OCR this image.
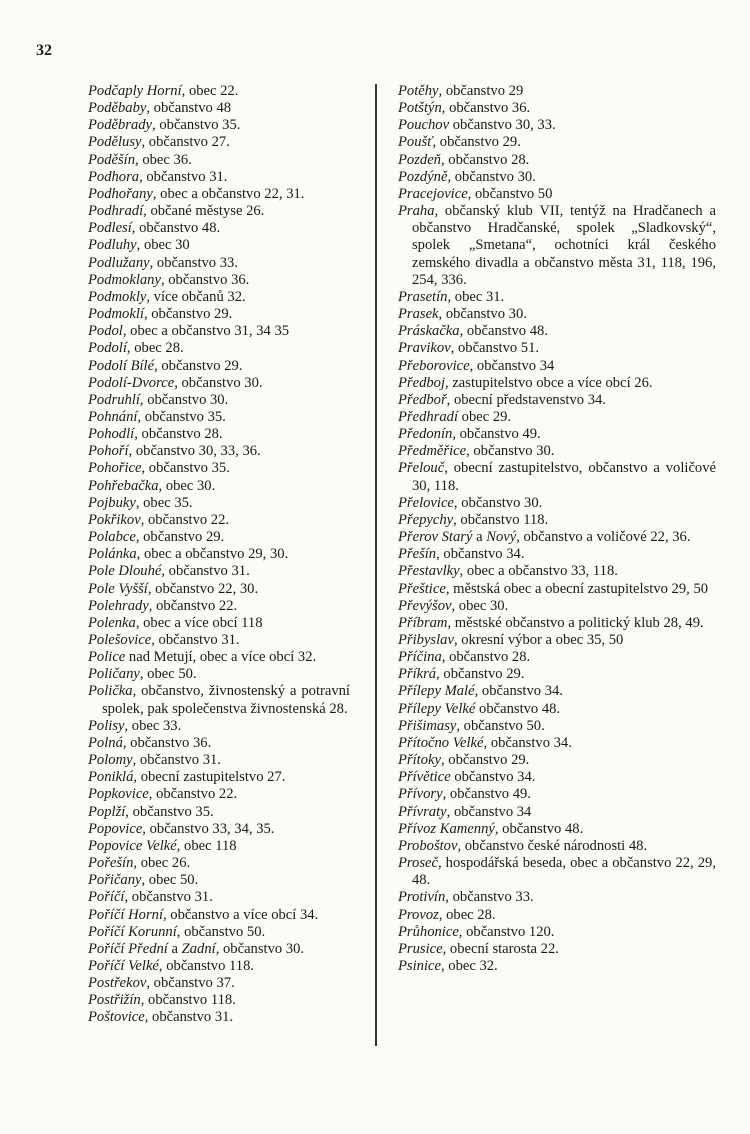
32
Podčaply Horní, obec 22.
Poděbaby, občanstvo 48
Poděbrady, občanstvo 35.
Podělusy, občanstvo 27.
Poděšín, obec 36.
Podhora, občanstvo 31.
Podhořany, obec a občanstvo 22, 31.
Podhradí, občané městyse 26.
Podlesí, občanstvo 48.
Podluhy, obec 30
Podlužany, občanstvo 33.
Podmoklany, občanstvo 36.
Podmokly, více občanů 32.
Podmoklí, občanstvo 29.
Podol, obec a občanstvo 31, 34 35
Podolí, obec 28.
Podolí Bílé, občanstvo 29.
Podolí-Dvorce, občanstvo 30.
Podruhlí, občanstvo 30.
Pohnání, občanstvo 35.
Pohodlí, občanstvo 28.
Pohoří, občanstvo 30, 33, 36.
Pohořice, občanstvo 35.
Pohřebačka, obec 30.
Pojbuky, obec 35.
Pokřikov, občanstvo 22.
Polabce, občanstvo 29.
Polánka, obec a občanstvo 29, 30.
Pole Dlouhé, občanstvo 31.
Pole Vyšší, občanstvo 22, 30.
Polehrady, občanstvo 22.
Polenka, obec a více obcí 118
Polešovice, občanstvo 31.
Police nad Metují, obec a více obcí 32.
Poličany, obec 50.
Polička, občanstvo, živnostenský a potravní spolek, pak společenstva živnostenská 28.
Polisy, obec 33.
Polná, občanstvo 36.
Polomy, občanstvo 31.
Poniklá, obecní zastupitelstvo 27.
Popkovice, občanstvo 22.
Poplží, občanstvo 35.
Popovice, občanstvo 33, 34, 35.
Popovice Velké, obec 118
Pořešín, obec 26.
Pořičany, obec 50.
Poříčí, občanstvo 31.
Poříčí Horní, občanstvo a více obcí 34.
Poříčí Korunní, občanstvo 50.
Poříčí Přední a Zadní, občanstvo 30.
Poříčí Velké, občanstvo 118.
Postřekov, občanstvo 37.
Postřižín, občanstvo 118.
Poštovice, občanstvo 31.
Potěhy, občanstvo 29
Potštýn, občanstvo 36.
Pouchov občanstvo 30, 33.
Poušť, občanstvo 29.
Pozdeň, občanstvo 28.
Pozdýně, občanstvo 30.
Pracejovice, občanstvo 50
Praha, občanský klub VII, tentýž na Hradčanech a občanstvo Hradčanské, spolek „Sladkovský“, spolek „Smetana“, ochotníci král českého zemského divadla a občanstvo města 31, 118, 196, 254, 336.
Prasetín, obec 31.
Prasek, občanstvo 30.
Práskačka, občanstvo 48.
Pravikov, občanstvo 51.
Přeborovice, občanstvo 34
Předboj, zastupitelstvo obce a více obcí 26.
Předboř, obecní představenstvo 34.
Předhradí obec 29.
Předonín, občanstvo 49.
Předměřice, občanstvo 30.
Přelouč, obecní zastupitelstvo, občanstvo a voličové 30, 118.
Přelovice, občanstvo 30.
Přepychy, občanstvo 118.
Přerov Starý a Nový, občanstvo a voličové 22, 36.
Přešín, občanstvo 34.
Přestavlky, obec a občanstvo 33, 118.
Přeštice, městská obec a obecní zastupitelstvo 29, 50
Převýšov, obec 30.
Příbram, městské občanstvo a politický klub 28, 49.
Přibyslav, okresní výbor a obec 35, 50
Příčina, občanstvo 28.
Příkrá, občanstvo 29.
Přílepy Malé, občanstvo 34.
Přílepy Velké občanstvo 48.
Přišimasy, občanstvo 50.
Přítočno Velké, občanstvo 34.
Přítoky, občanstvo 29.
Přívětice občanstvo 34.
Přívory, občanstvo 49.
Přívraty, občanstvo 34
Přívoz Kamenný, občanstvo 48.
Proboštov, občanstvo české národnosti 48.
Proseč, hospodářská beseda, obec a občanstvo 22, 29, 48.
Protivín, občanstvo 33.
Provoz, obec 28.
Průhonice, občanstvo 120.
Prusice, obecní starosta 22.
Psinice, obec 32.
